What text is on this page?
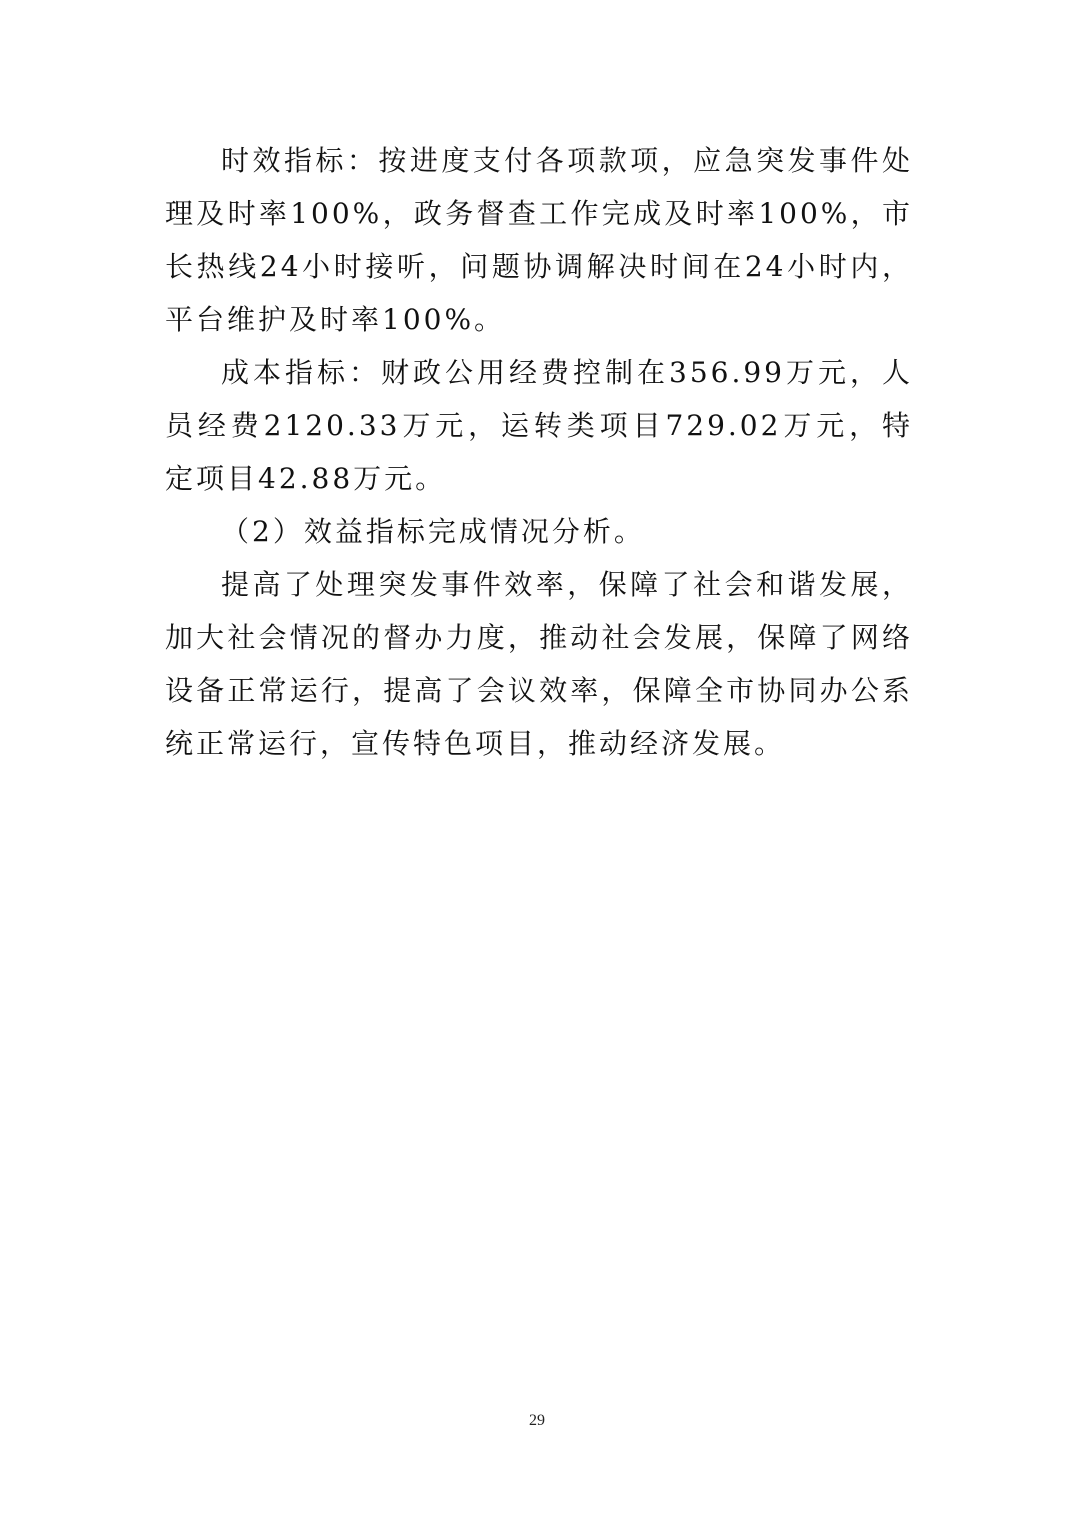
时效指标：按进度支付各项款项，应急突发事件处理及时率100%，政务督查工作完成及时率100%，市长热线24小时接听，问题协调解决时间在24小时内，平台维护及时率100%。

成本指标：财政公用经费控制在356.99万元，人员经费2120.33万元，运转类项目729.02万元，特定项目42.88万元。

（2）效益指标完成情况分析。

提高了处理突发事件效率，保障了社会和谐发展，加大社会情况的督办力度，推动社会发展，保障了网络设备正常运行，提高了会议效率，保障全市协同办公系统正常运行，宣传特色项目，推动经济发展。

29
